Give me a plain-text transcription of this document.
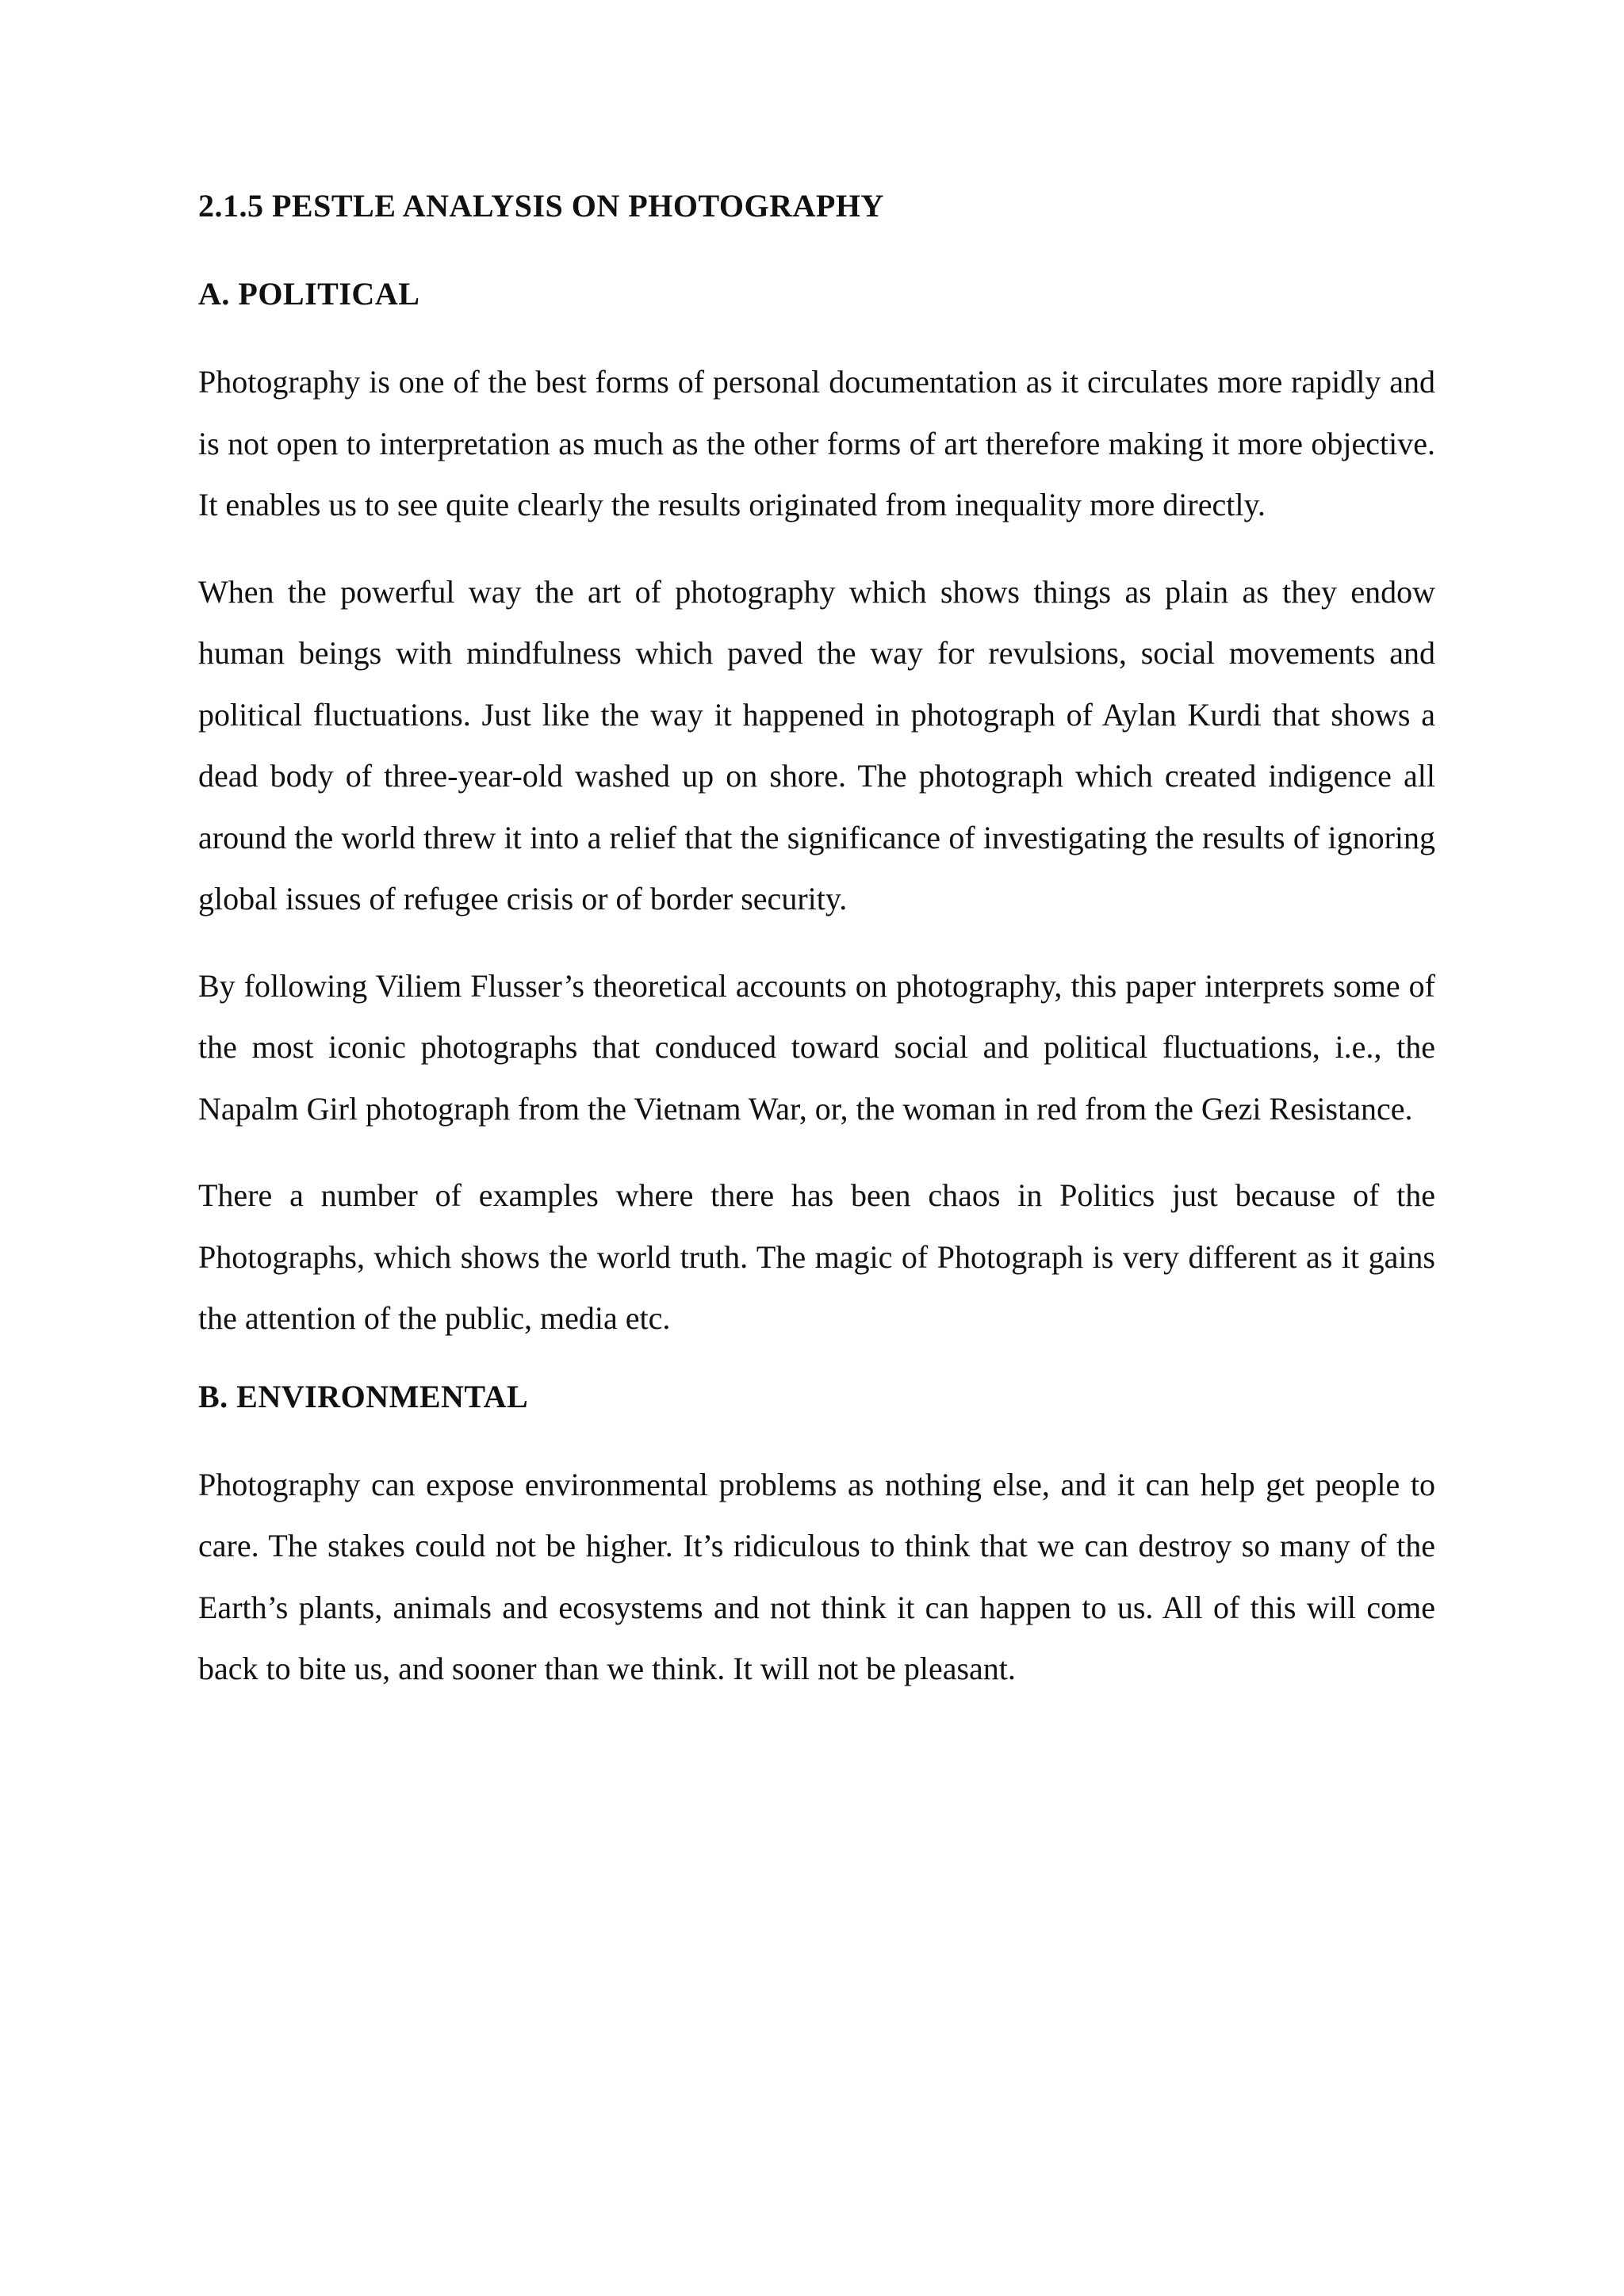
2.1.5 PESTLE ANALYSIS ON PHOTOGRAPHY
A. POLITICAL

Photography is one of the best forms of personal documentation as it circulates more rapidly and is not open to interpretation as much as the other forms of art therefore making it more objective. It enables us to see quite clearly the results originated from inequality more directly.

When the powerful way the art of photography which shows things as plain as they endow human beings with mindfulness which paved the way for revulsions, social movements and political fluctuations. Just like the way it happened in photograph of Aylan Kurdi that shows a dead body of three-year-old washed up on shore. The photograph which created indigence all around the world threw it into a relief that the significance of investigating the results of ignoring global issues of refugee crisis or of border security.

By following Viliem Flusser’s theoretical accounts on photography, this paper interprets some of the most iconic photographs that conduced toward social and political fluctuations, i.e., the Napalm Girl photograph from the Vietnam War, or, the woman in red from the Gezi Resistance.

There a number of examples where there has been chaos in Politics just because of the Photographs, which shows the world truth. The magic of Photograph is very different as it gains the attention of the public, media etc.

B. ENVIRONMENTAL

Photography can expose environmental problems as nothing else, and it can help get people to care. The stakes could not be higher. It’s ridiculous to think that we can destroy so many of the Earth’s plants, animals and ecosystems and not think it can happen to us. All of this will come back to bite us, and sooner than we think. It will not be pleasant.
